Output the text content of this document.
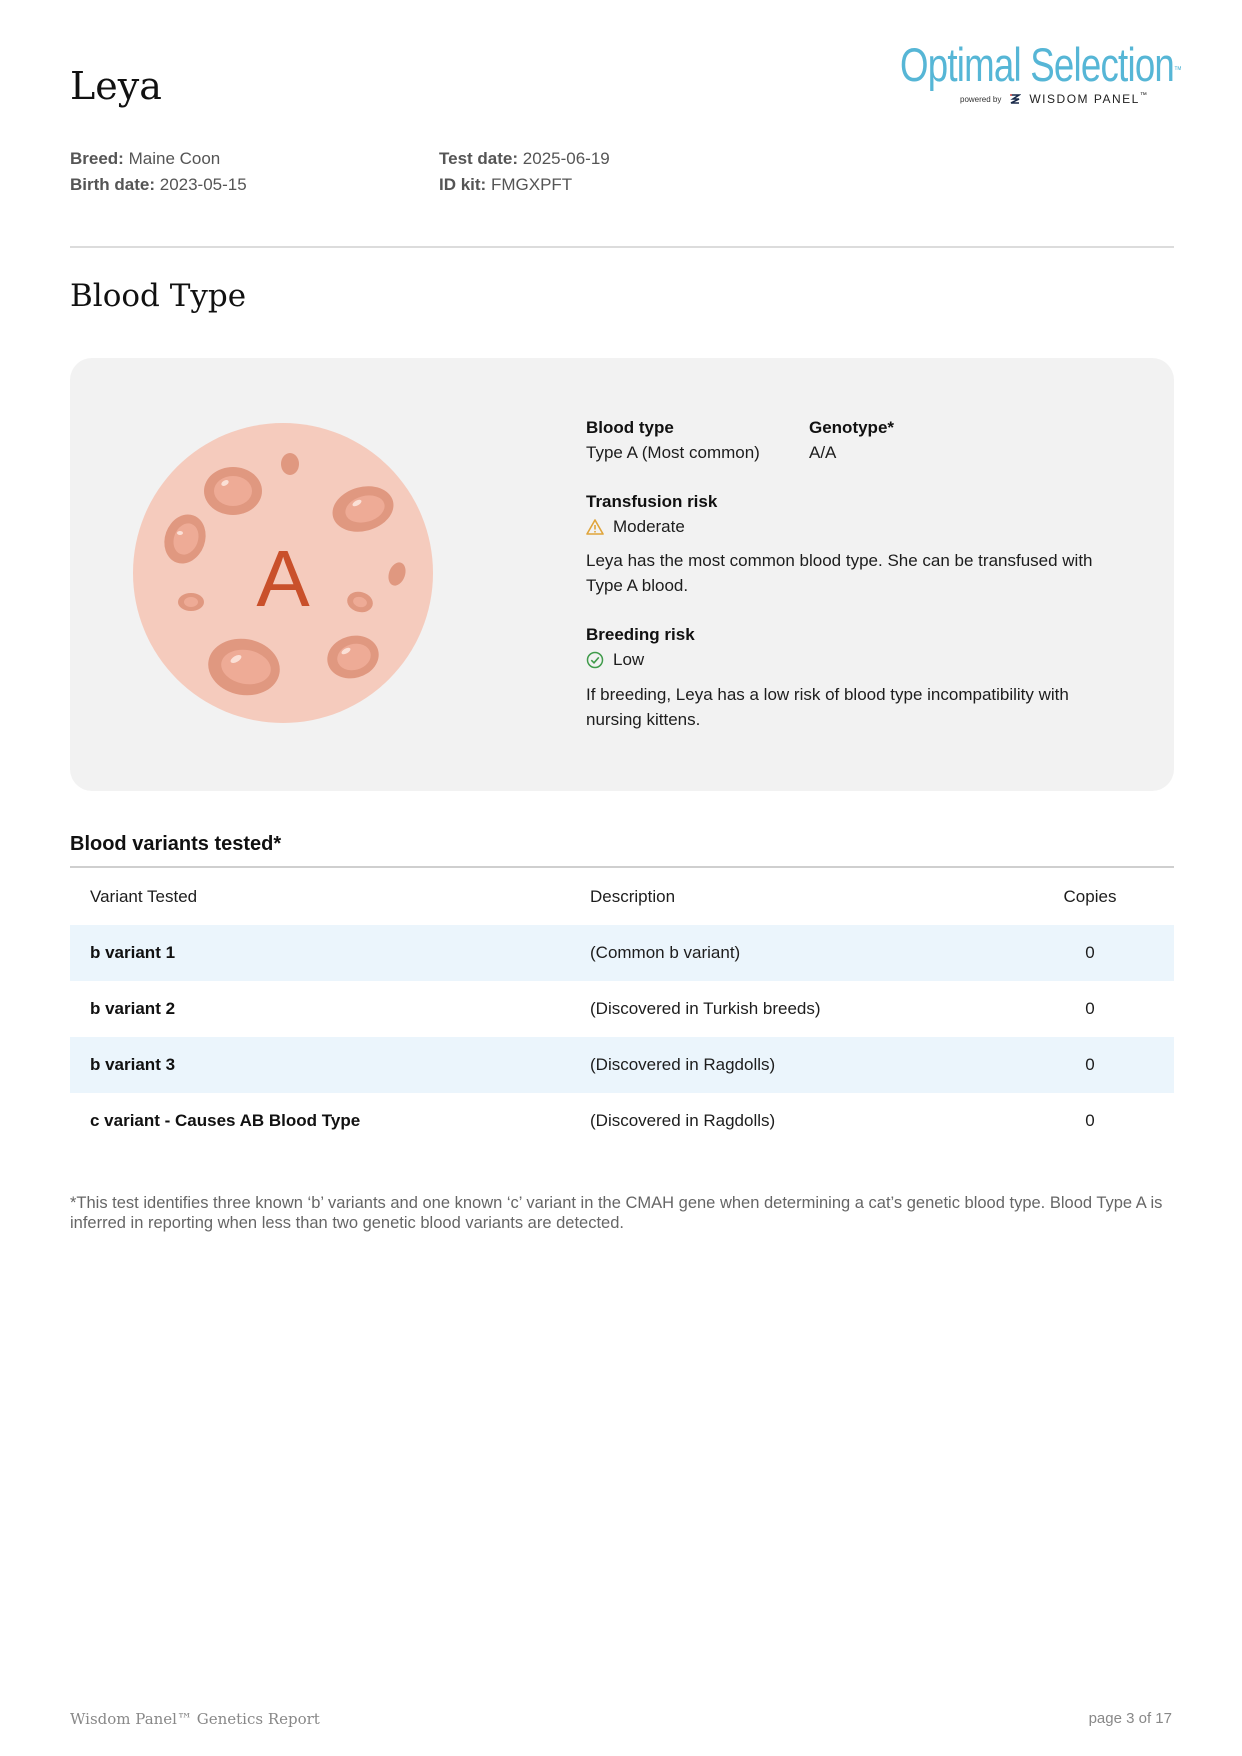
Leya	Optimal Selection™
powered by WISDOM PANEL™
Breed: Maine Coon
Birth date: 2023-05-15
Test date: 2025-06-19
ID kit: FMGXPFT
Blood Type
A
Blood type
Type A (Most common)
Genotype*
A/A
Transfusion risk
Moderate
Leya has the most common blood type. She can be transfused with Type A blood.
Breeding risk
Low
If breeding, Leya has a low risk of blood type incompatibility with nursing kittens.
Blood variants tested*
Variant Tested	Description	Copies
b variant 1	(Common b variant)	0
b variant 2	(Discovered in Turkish breeds)	0
b variant 3	(Discovered in Ragdolls)	0
c variant - Causes AB Blood Type	(Discovered in Ragdolls)	0

*This test identifies three known ‘b’ variants and one known ‘c’ variant in the CMAH gene when determining a cat’s genetic blood type. Blood Type A is inferred in reporting when less than two genetic blood variants are detected.

Wisdom Panel™ Genetics Report	page 3 of 17
